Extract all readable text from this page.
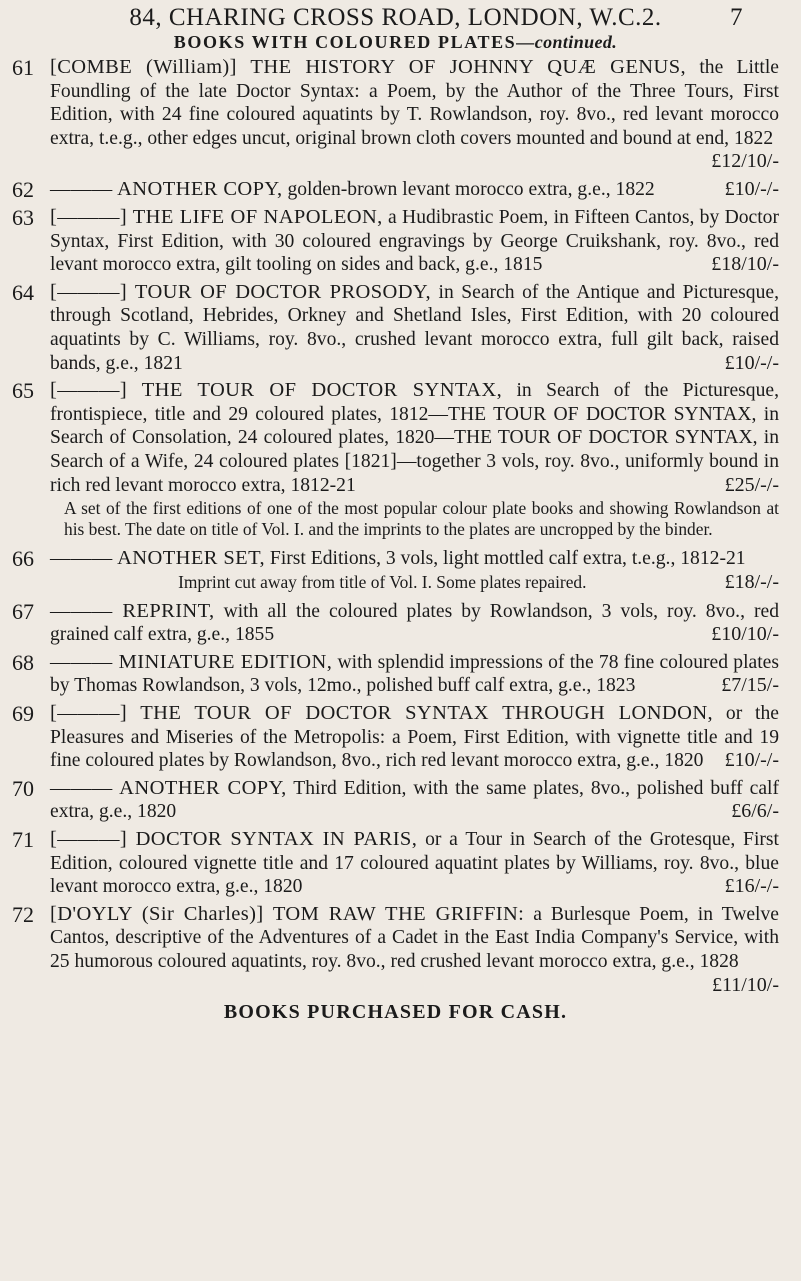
84, CHARING CROSS ROAD, LONDON, W.C.2.	7
BOOKS WITH COLOURED PLATES—continued.
61 [COMBE (William)] THE HISTORY OF JOHNNY QUÆ GENUS, the Little Foundling of the late Doctor Syntax: a Poem, by the Author of the Three Tours, First Edition, with 24 fine coloured aquatints by T. Rowlandson, roy. 8vo., red levant morocco extra, t.e.g., other edges uncut, original brown cloth covers mounted and bound at end, 1822
£12/10/-
62 ——— ANOTHER COPY, golden-brown levant morocco extra, g.e., 1822	£10/-/-
63 [———] THE LIFE OF NAPOLEON, a Hudibrastic Poem, in Fifteen Cantos, by Doctor Syntax, First Edition, with 30 coloured engravings by George Cruikshank, roy. 8vo., red levant morocco extra, gilt tooling on sides and back, g.e., 1815	£18/10/-
64 [———] TOUR OF DOCTOR PROSODY, in Search of the Antique and Picturesque, through Scotland, Hebrides, Orkney and Shetland Isles, First Edition, with 20 coloured aquatints by C. Williams, roy. 8vo., crushed levant morocco extra, full gilt back, raised bands, g.e., 1821	£10/-/-
65 [———] THE TOUR OF DOCTOR SYNTAX, in Search of the Picturesque, frontispiece, title and 29 coloured plates, 1812—THE TOUR OF DOCTOR SYNTAX, in Search of Consolation, 24 coloured plates, 1820—THE TOUR OF DOCTOR SYNTAX, in Search of a Wife, 24 coloured plates [1821]—together 3 vols, roy. 8vo., uniformly bound in rich red levant morocco extra, 1812-21	£25/-/-
A set of the first editions of one of the most popular colour plate books and showing Rowlandson at his best. The date on title of Vol. I. and the imprints to the plates are uncropped by the binder.
66 ——— ANOTHER SET, First Editions, 3 vols, light mottled calf extra, t.e.g., 1812-21
£18/-/-
Imprint cut away from title of Vol. I. Some plates repaired.
67 ——— REPRINT, with all the coloured plates by Rowlandson, 3 vols, roy. 8vo., red grained calf extra, g.e., 1855	£10/10/-
68 ——— MINIATURE EDITION, with splendid impressions of the 78 fine coloured plates by Thomas Rowlandson, 3 vols, 12mo., polished buff calf extra, g.e., 1823	£7/15/-
69 [———] THE TOUR OF DOCTOR SYNTAX THROUGH LONDON, or the Pleasures and Miseries of the Metropolis: a Poem, First Edition, with vignette title and 19 fine coloured plates by Rowlandson, 8vo., rich red levant morocco extra, g.e., 1820 £10/-/-
70 ——— ANOTHER COPY, Third Edition, with the same plates, 8vo., polished buff calf extra, g.e., 1820	£6/6/-
71 [———] DOCTOR SYNTAX IN PARIS, or a Tour in Search of the Grotesque, First Edition, coloured vignette title and 17 coloured aquatint plates by Williams, roy. 8vo., blue levant morocco extra, g.e., 1820	£16/-/-
72 [D'OYLY (Sir Charles)] TOM RAW THE GRIFFIN: a Burlesque Poem, in Twelve Cantos, descriptive of the Adventures of a Cadet in the East India Company's Service, with 25 humorous coloured aquatints, roy. 8vo., red crushed levant morocco extra, g.e., 1828
£11/10/-
BOOKS PURCHASED FOR CASH.
